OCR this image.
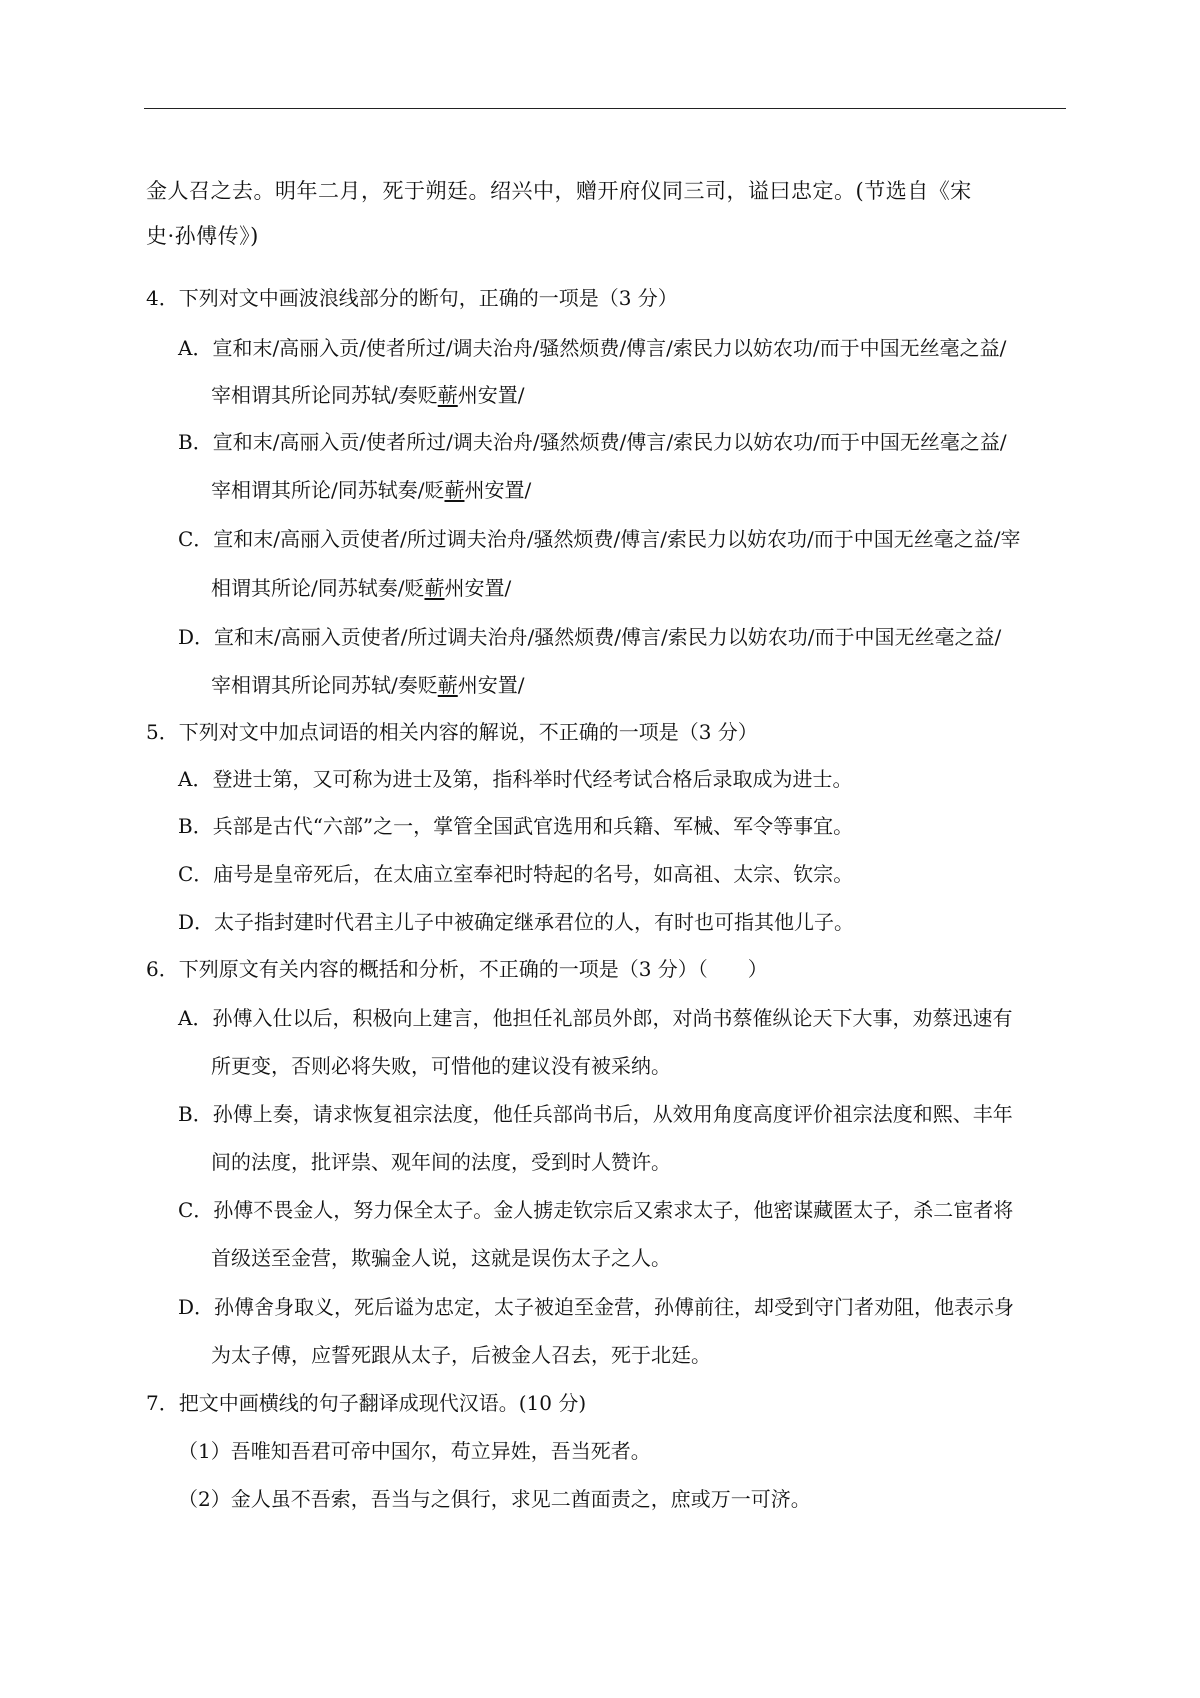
金人召之去。明年二月，死于朔廷。绍兴中，赠开府仪同三司，谥曰忠定。(节选自《宋
史·孙傅传》)
4．下列对文中画波浪线部分的断句，正确的一项是（3 分）
A．宣和末/高丽入贡/使者所过/调夫治舟/骚然烦费/傅言/索民力以妨农功/而于中国无丝毫之益/
宰相谓其所论同苏轼/奏贬蕲州安置/
B．宣和末/高丽入贡/使者所过/调夫治舟/骚然烦费/傅言/索民力以妨农功/而于中国无丝毫之益/
宰相谓其所论/同苏轼奏/贬蕲州安置/
C．宣和末/高丽入贡使者/所过调夫治舟/骚然烦费/傅言/索民力以妨农功/而于中国无丝毫之益/宰
相谓其所论/同苏轼奏/贬蕲州安置/
D．宣和末/高丽入贡使者/所过调夫治舟/骚然烦费/傅言/索民力以妨农功/而于中国无丝毫之益/
宰相谓其所论同苏轼/奏贬蕲州安置/
5．下列对文中加点词语的相关内容的解说，不正确的一项是（3 分）
A．登进士第，又可称为进士及第，指科举时代经考试合格后录取成为进士。
B．兵部是古代“六部”之一，掌管全国武官选用和兵籍、军械、军令等事宜。
C．庙号是皇帝死后，在太庙立室奉祀时特起的名号，如高祖、太宗、钦宗。
D．太子指封建时代君主儿子中被确定继承君位的人，有时也可指其他儿子。
6．下列原文有关内容的概括和分析，不正确的一项是（3 分）（　　）
A．孙傅入仕以后，积极向上建言，他担任礼部员外郎，对尚书蔡傕纵论天下大事，劝蔡迅速有
所更变，否则必将失败，可惜他的建议没有被采纳。
B．孙傅上奏，请求恢复祖宗法度，他任兵部尚书后，从效用角度高度评价祖宗法度和熙、丰年
间的法度，批评祟、观年间的法度，受到时人赞许。
C．孙傅不畏金人，努力保全太子。金人掳走钦宗后又索求太子，他密谋藏匿太子，杀二宦者将
首级送至金营，欺骗金人说，这就是误伤太子之人。
D．孙傅舍身取义，死后谥为忠定，太子被迫至金营，孙傅前往，却受到守门者劝阻，他表示身
为太子傅，应誓死跟从太子，后被金人召去，死于北廷。
7．把文中画横线的句子翻译成现代汉语。(10 分)
（1）吾唯知吾君可帝中国尔，苟立异姓，吾当死者。
（2）金人虽不吾索，吾当与之俱行，求见二酋面责之，庶或万一可济。
